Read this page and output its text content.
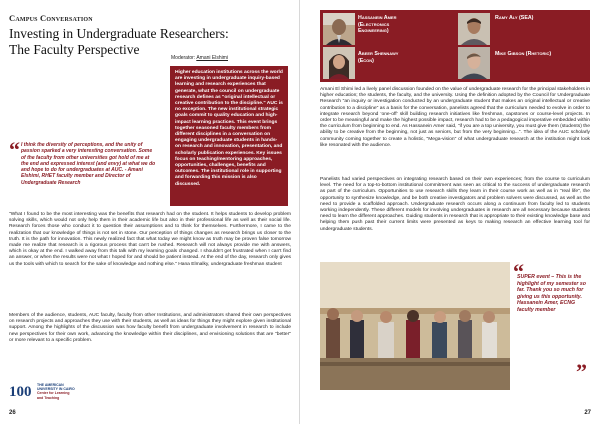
Campus Conversation
Investing in Undergraduate Researchers:
The Faculty Perspective
Moderator: Amani Elshimi
“ I think the diversity of perceptions, and the unity of passion sparked a very interesting conversation. Some of the faculty from other universities got hold of me at the end and expressed interest (and envy) at what we do and hope to do for undergraduates at AUC. - Amani Elshimi, RHET faculty member and Director of Undergraduate Research

Higher education institutions across the world are investing in undergraduate inquiry-based learning and research experiences that generate, what the council on undergraduate research defines as "original intellectual or creative contribution to the discipline." AUC is no exception. The new institutional strategic goals commit to quality education and high-impact learning practices. This event brings together seasoned faculty members from different disciplines in a conversation on engaging undergraduate students in hands-on research and innovation, presentation, and scholarly publication experiences. Key issues focus on teaching/mentoring approaches, opportunities, challenges, benefits and outcomes. The institutional role in supporting and forwarding this mission is also discussed.

"What I found to be the most interesting was the benefits that research had on the student. It helps students to develop problem solving skills, which would not only help them in their academic life but also in their professional life as well as their social life. Research forces those who conduct it to question their assumptions and to think for themselves. Furthermore, I came to the realization that our knowledge of things is not set in stone. Our perception of things changes as research brings us closer to the truth. It is the path for innovation. This newly realized fact that what today we might know as truth may be proven false tomorrow made me realize that research is a rigorous process that can't be rushed. Research will not always provide me with answers, which is okay at the end. I walked away from this talk with my learning goals changed. I shouldn't get frustrated when I can't find an answer, or when the results were not what I hoped for and should be patient instead. At the end of the day, research only gives us the tools with which to search for the sake of knowledge and nothing else." Hana Elmalky, undergraduate freshman student
Members of the audience, students, AUC faculty, faculty from other Institutions, and administrators shared their own perspectives on research projects and approaches they use with their students, as well as ideas for things they might explore given institutional support. Among the highlights of the discussion was how faculty benefit from undergraduate involvement in research to include new perspectives for their own work, advancing the knowledge within their disciplines, and envisioning solutions that are "better" or more relevant to a specific problem.
100	THE AMERICAN
UNIVERSITY IN CAIRO
Center for Learning
and Teaching
26
Hassanein Amer
(Electronics
Engineering)
Ramy Aly (SEA)
Abeer Shennawy
(Econ)
Mike Gibson (Rhetoric)
Amani El Shimi led a lively panel discussion founded on the value of undergraduate research for the principal stakeholders in higher education; the students, the faculty, and the university. Using the definition adopted by the Council for Undergraduate Research "an inquiry or investigation conducted by an undergraduate student that makes an original intellectual or creative contribution to a discipline" as a basis for the conversation, panelists agreed that the curriculum needed to evolve in order to integrate research beyond 'one-off' skill building research initiatives like freshman, capstones or course-level projects. In order to be meaningful and make the highest possible impact, research had to be a pedagogical imperative embedded within the curriculum from beginning to end. As Hassanein Amer said, "if you are a top university, you must give them (students) the ability to be creative from the beginning, not just as seniors, but from the very beginning...". The idea of the AUC scholarly community coming together to create a holistic, "Mega-vision" of what undergraduate research at the institution might look like resonated with the audience.
Panelists had varied perspectives on integrating research based on their own experiences; from the course to curriculum level. The need for a top-to-bottom institutional commitment was seen as critical to the success of undergraduate research as part of the curriculum. Opportunities to use research skills they learn in their course work as well as in "real life", the opportunity to synthesize knowledge, and be both creative investigators and problem solvers were discussed, as well as the need to provide a scaffolded approach. Undergraduate research occurs along a continuum from faculty led to students working independently. These different models for involving undergraduates in research are all necessary because students need to learn the different approaches. Guiding students in research that is appropriate to their existing knowledge base and helping them push past their current limits were presented as keys to making research an effective learning tool for undergraduate students.
“
SUPER event – This is the highlight of my semester so far. Thank you so much for giving us this opportunity. Hassanein Amer, ECNG faculty member
”
27
